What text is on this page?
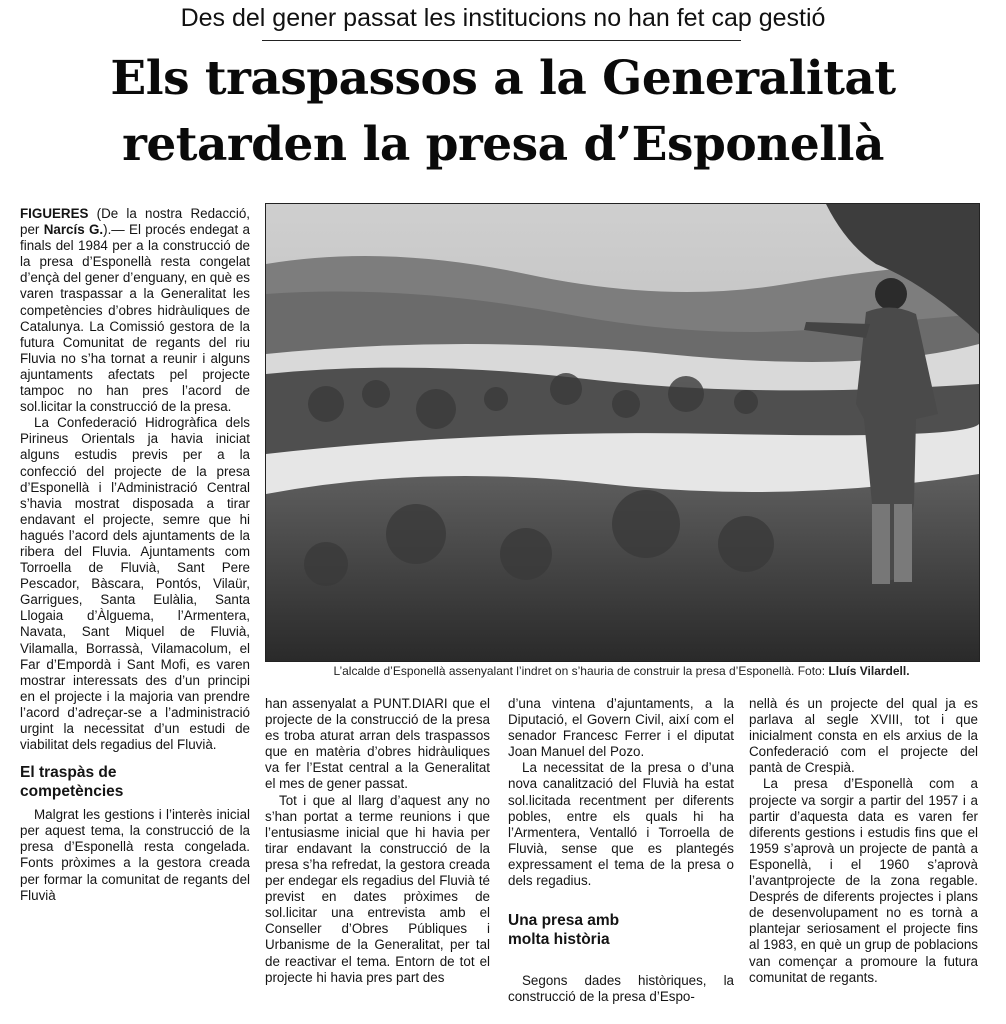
Des del gener passat les institucions no han fet cap gestió
Els traspassos a la Generalitat
retarden la presa d’Esponellà

FIGUERES (De la nostra Redacció, per Narcís G.).— El procés endegat a finals del 1984 per a la construcció de la presa d’Esponellà resta congelat d’ençà del gener d’enguany, en què es varen traspassar a la Generalitat les competències d’obres hidràuliques de Catalunya. La Comissió gestora de la futura Comunitat de regants del riu Fluvia no s’ha tornat a reunir i alguns ajuntaments afectats pel projecte tampoc no han pres l’acord de sol.licitar la construcció de la presa.

La Confederació Hidrogràfica dels Pirineus Orientals ja havia iniciat alguns estudis previs per a la confecció del projecte de la presa d’Esponellà i l’Administració Central s’havia mostrat disposada a tirar endavant el projecte, semre que hi hagués l’acord dels ajuntaments de la ribera del Fluvia. Ajuntaments com Torroella de Fluvià, Sant Pere Pescador, Bàscara, Pontós, Vilaür, Garrigues, Santa Eulàlia, Santa Llogaia d’Àlguema, l’Armentera, Navata, Sant Miquel de Fluvià, Vilamalla, Borrassà, Vilamacolum, el Far d’Empordà i Sant Mofi, es varen mostrar interessats des d’un principi en el projecte i la majoria van prendre l’acord d’adreçar-se a l’administració urgint la necessitat d’un estudi de viabilitat dels regadius del Fluvià.

El traspàs de competències

Malgrat les gestions i l’interès inicial per aquest tema, la construcció de la presa d’Esponellà resta congelada. Fonts pròximes a la gestora creada per formar la comunitat de regants del Fluvià

L’alcalde d’Esponellà assenyalant l’indret on s’hauria de construir la presa d’Esponellà. Foto: Lluís Vilardell.

han assenyalat a PUNT.DIARI que el projecte de la construcció de la presa es troba aturat arran dels traspassos que en matèria d’obres hidràuliques va fer l’Estat central a la Generalitat el mes de gener passat.

Tot i que al llarg d’aquest any no s’han portat a terme reunions i que l’entusiasme inicial que hi havia per tirar endavant la construcció de la presa s’ha refredat, la gestora creada per endegar els regadius del Fluvià té previst en dates pròximes de sol.licitar una entrevista amb el Conseller d’Obres Públiques i Urbanisme de la Generalitat, per tal de reactivar el tema. Entorn de tot el projecte hi havia pres part des

d’una vintena d’ajuntaments, a la Diputació, el Govern Civil, així com el senador Francesc Ferrer i el diputat Joan Manuel del Pozo.

La necessitat de la presa o d’una nova canalització del Fluvià ha estat sol.licitada recentment per diferents pobles, entre els quals hi ha l’Armentera, Ventalló i Torroella de Fluvià, sense que es plantegés expressament el tema de la presa o dels regadius.

Una presa amb molta història

Segons dades històriques, la construcció de la presa d’Espo-

nellà és un projecte del qual ja es parlava al segle XVIII, tot i que inicialment consta en els arxius de la Confederació com el projecte del pantà de Crespià.

La presa d’Esponellà com a projecte va sorgir a partir del 1957 i a partir d’aquesta data es varen fer diferents gestions i estudis fins que el 1959 s’aprovà un projecte de pantà a Esponellà, i el 1960 s’aprovà l’avantprojecte de la zona regable. Després de diferents projectes i plans de desenvolupament no es tornà a plantejar seriosament el projecte fins al 1983, en què un grup de poblacions van començar a promoure la futura comunitat de regants.
